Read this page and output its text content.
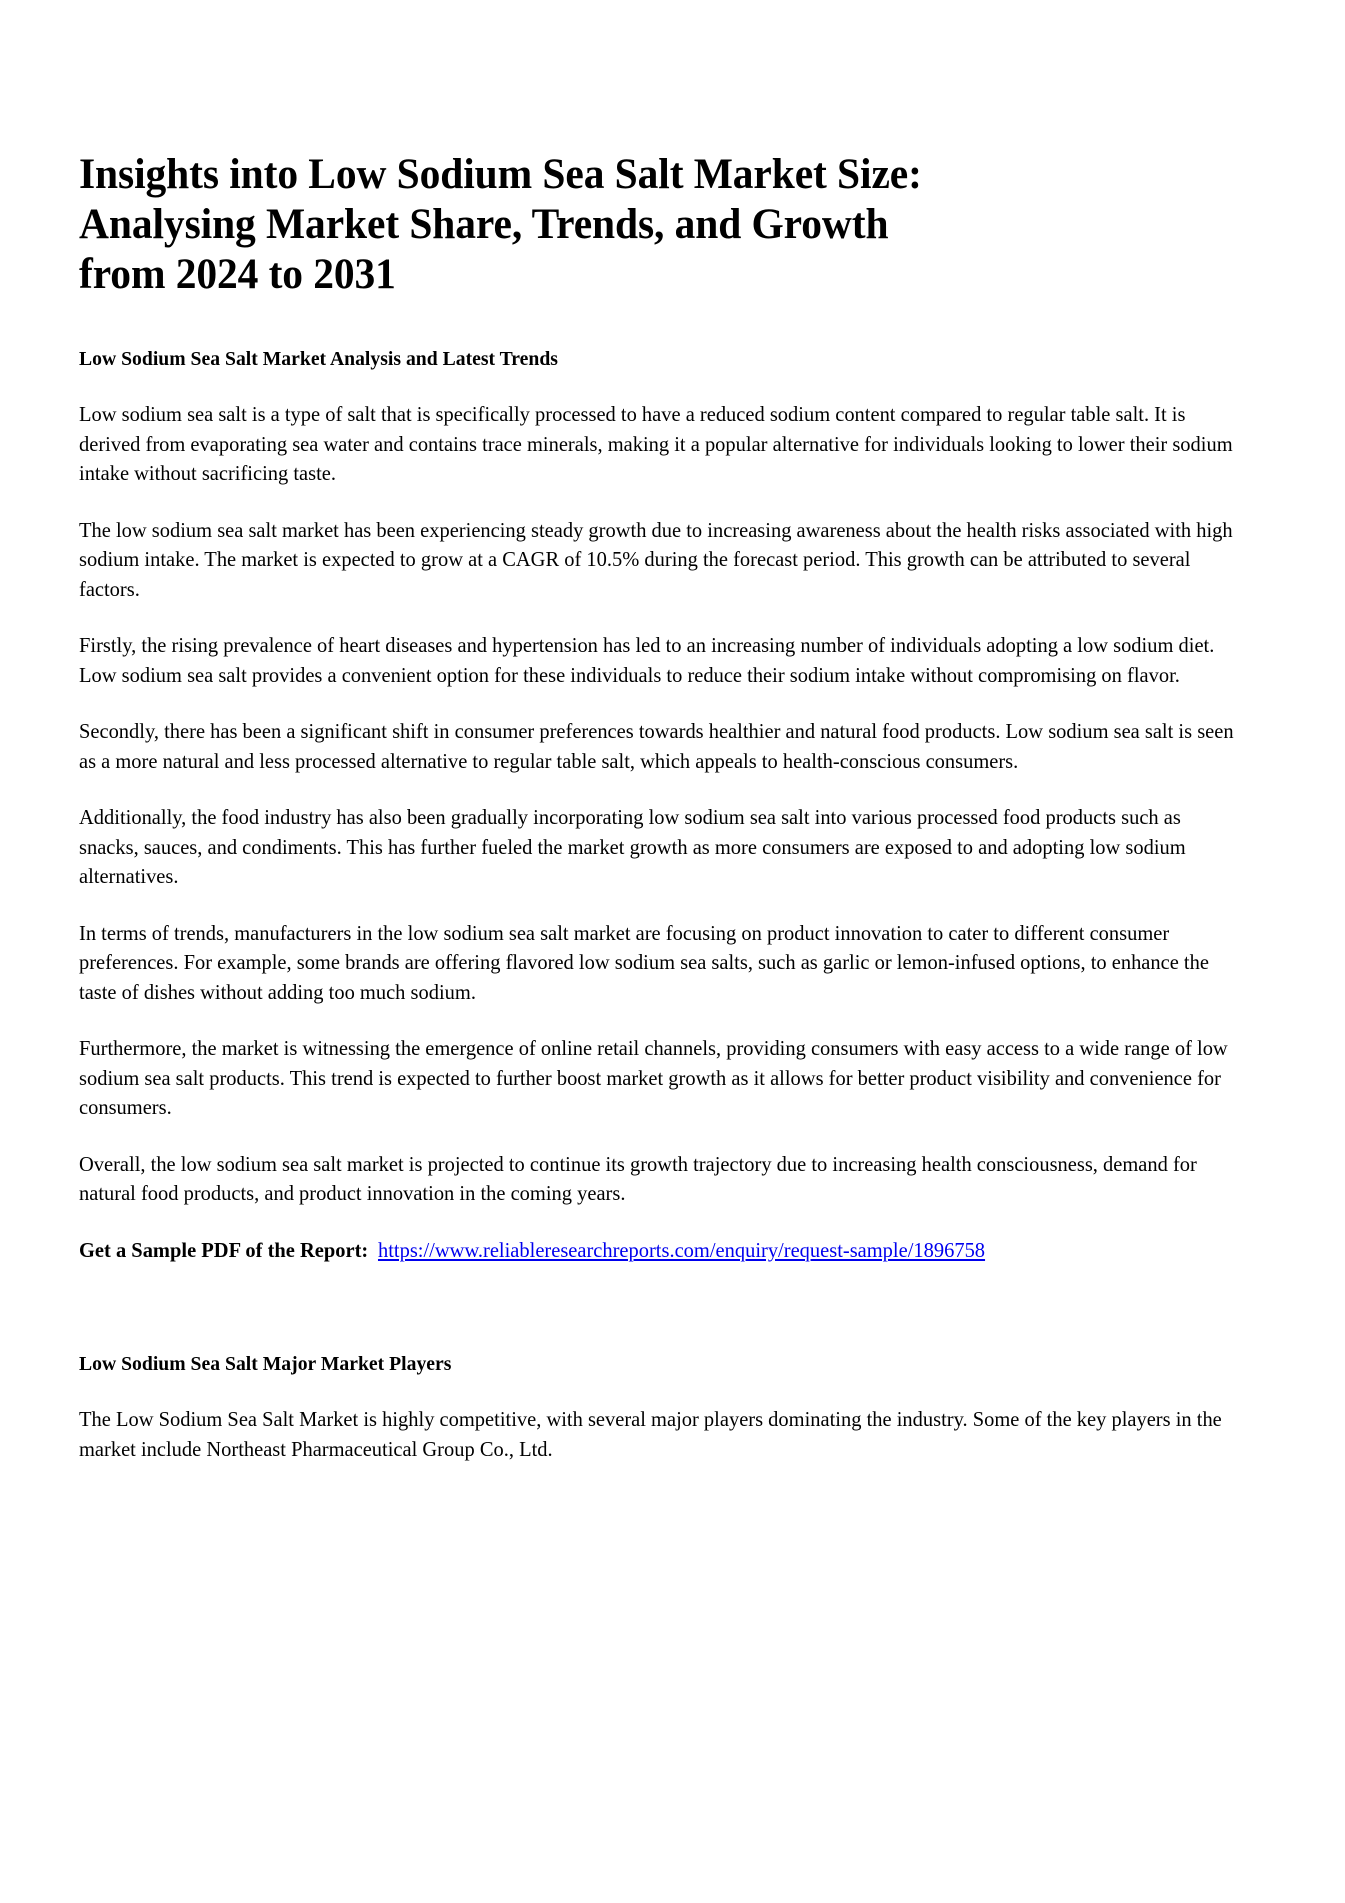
Insights into Low Sodium Sea Salt Market Size: Analysing Market Share, Trends, and Growth from 2024 to 2031
Low Sodium Sea Salt Market Analysis and Latest Trends

Low sodium sea salt is a type of salt that is specifically processed to have a reduced sodium content compared to regular table salt. It is derived from evaporating sea water and contains trace minerals, making it a popular alternative for individuals looking to lower their sodium intake without sacrificing taste.

The low sodium sea salt market has been experiencing steady growth due to increasing awareness about the health risks associated with high sodium intake. The market is expected to grow at a CAGR of 10.5% during the forecast period. This growth can be attributed to several factors.

Firstly, the rising prevalence of heart diseases and hypertension has led to an increasing number of individuals adopting a low sodium diet. Low sodium sea salt provides a convenient option for these individuals to reduce their sodium intake without compromising on flavor.

Secondly, there has been a significant shift in consumer preferences towards healthier and natural food products. Low sodium sea salt is seen as a more natural and less processed alternative to regular table salt, which appeals to health-conscious consumers.

Additionally, the food industry has also been gradually incorporating low sodium sea salt into various processed food products such as snacks, sauces, and condiments. This has further fueled the market growth as more consumers are exposed to and adopting low sodium alternatives.

In terms of trends, manufacturers in the low sodium sea salt market are focusing on product innovation to cater to different consumer preferences. For example, some brands are offering flavored low sodium sea salts, such as garlic or lemon-infused options, to enhance the taste of dishes without adding too much sodium.

Furthermore, the market is witnessing the emergence of online retail channels, providing consumers with easy access to a wide range of low sodium sea salt products. This trend is expected to further boost market growth as it allows for better product visibility and convenience for consumers.

Overall, the low sodium sea salt market is projected to continue its growth trajectory due to increasing health consciousness, demand for natural food products, and product innovation in the coming years.

Get a Sample PDF of the Report: https://www.reliableresearchreports.com/enquiry/request-sample/1896758

Low Sodium Sea Salt Major Market Players

The Low Sodium Sea Salt Market is highly competitive, with several major players dominating the industry. Some of the key players in the market include Northeast Pharmaceutical Group Co., Ltd.
